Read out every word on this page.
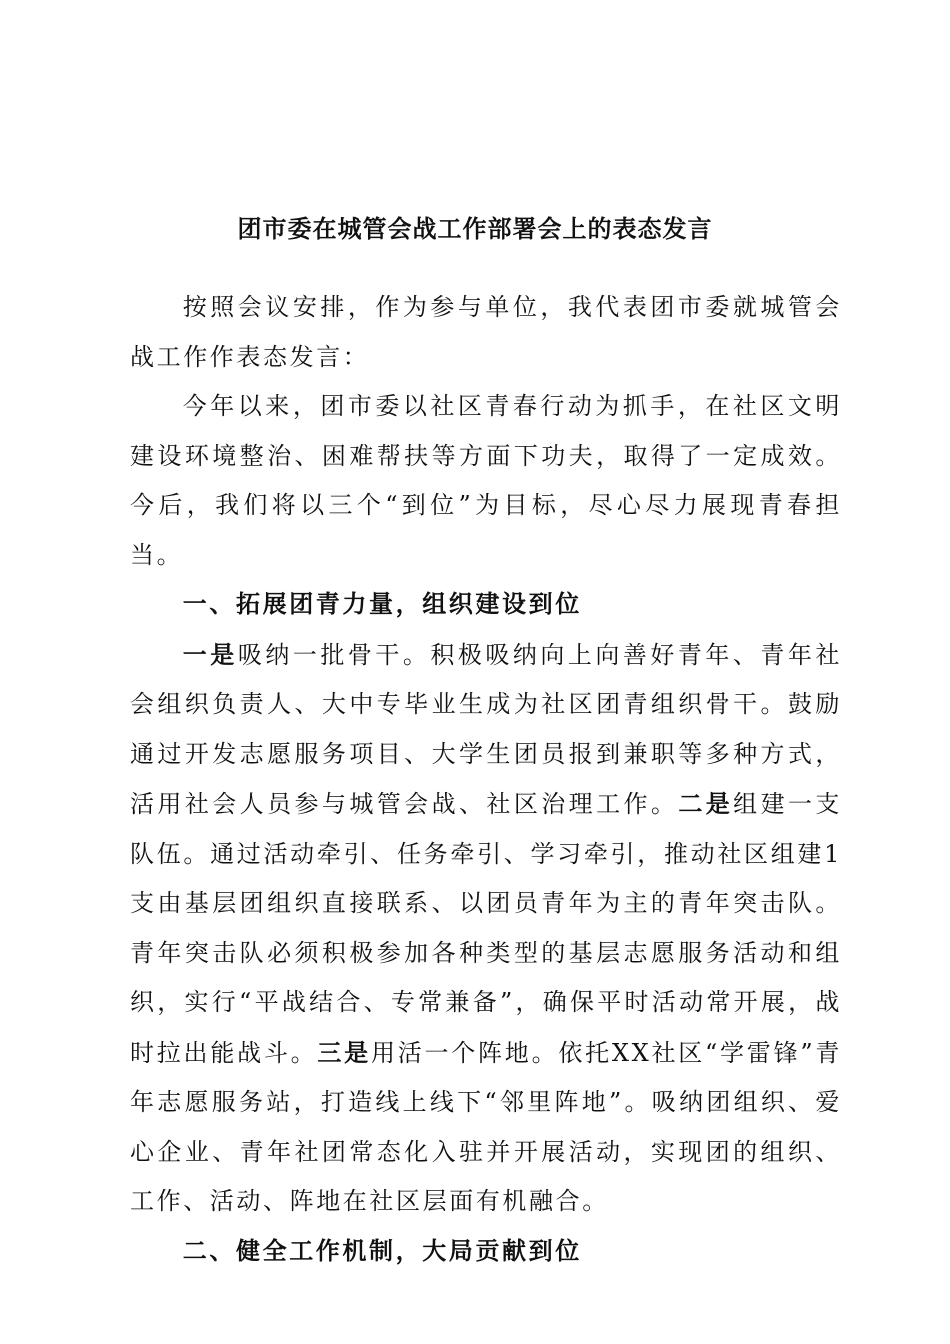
团市委在城管会战工作部署会上的表态发言

按照会议安排，作为参与单位，我代表团市委就城管会战工作作表态发言：

今年以来，团市委以社区青春行动为抓手，在社区文明建设环境整治、困难帮扶等方面下功夫，取得了一定成效。今后，我们将以三个“到位”为目标，尽心尽力展现青春担当。

一、拓展团青力量，组织建设到位

一是吸纳一批骨干。积极吸纳向上向善好青年、青年社会组织负责人、大中专毕业生成为社区团青组织骨干。鼓励通过开发志愿服务项目、大学生团员报到兼职等多种方式，活用社会人员参与城管会战、社区治理工作。二是组建一支队伍。通过活动牵引、任务牵引、学习牵引，推动社区组建1支由基层团组织直接联系、以团员青年为主的青年突击队。青年突击队必须积极参加各种类型的基层志愿服务活动和组织，实行“平战结合、专常兼备”，确保平时活动常开展，战时拉出能战斗。三是用活一个阵地。依托XX社区“学雷锋”青年志愿服务站，打造线上线下“邻里阵地”。吸纳团组织、爱心企业、青年社团常态化入驻并开展活动，实现团的组织、工作、活动、阵地在社区层面有机融合。

二、健全工作机制，大局贡献到位
